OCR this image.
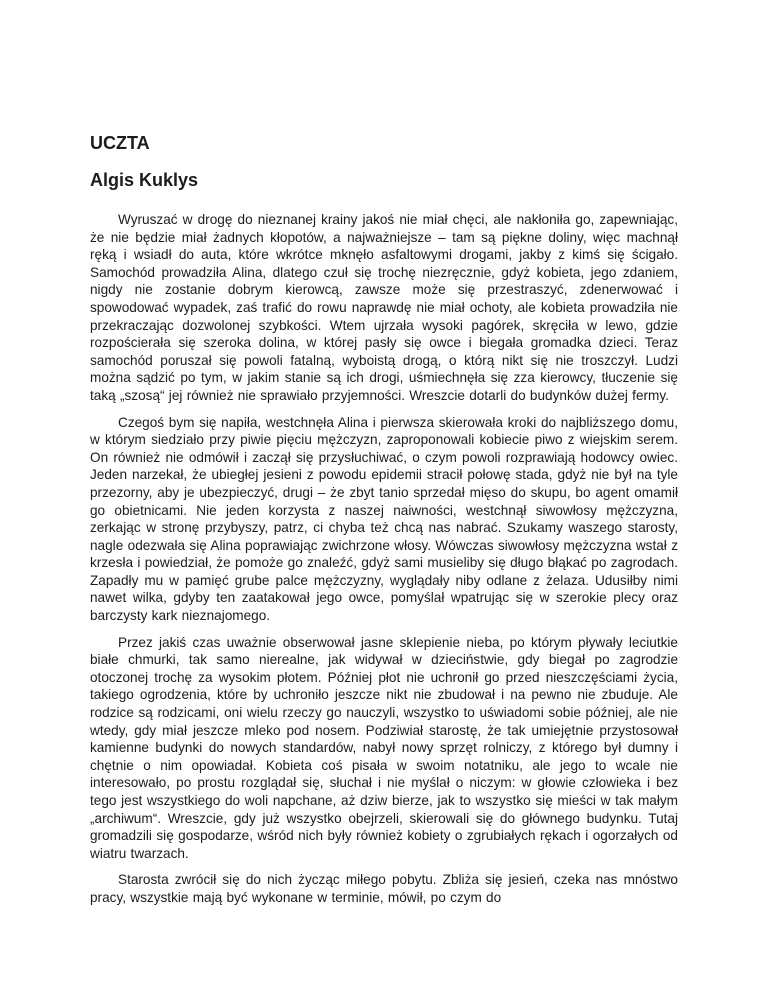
UCZTA
Algis Kuklys

Wyruszać w drogę do nieznanej krainy jakoś nie miał chęci, ale nakłoniła go, zapewniając, że nie będzie miał żadnych kłopotów, a najważniejsze – tam są piękne doliny, więc machnął ręką i wsiadł do auta, które wkrótce mknęło asfaltowymi drogami, jakby z kimś się ścigało. Samochód prowadziła Alina, dlatego czuł się trochę niezręcznie, gdyż kobieta, jego zdaniem, nigdy nie zostanie dobrym kierowcą, zawsze może się przestraszyć, zdenerwować i spowodować wypadek, zaś trafić do rowu naprawdę nie miał ochoty, ale kobieta prowadziła nie przekraczając dozwolonej szybkości. Wtem ujrzała wysoki pagórek, skręciła w lewo, gdzie rozpościerała się szeroka dolina, w której pasły się owce i biegała gromadka dzieci. Teraz samochód poruszał się powoli fatalną, wyboistą drogą, o którą nikt się nie troszczył. Ludzi można sądzić po tym, w jakim stanie są ich drogi, uśmiechnęła się zza kierowcy, tłuczenie się taką „szosą“ jej również nie sprawiało przyjemności. Wreszcie dotarli do budynków dużej fermy.

Czegoś bym się napiła, westchnęła Alina i pierwsza skierowała kroki do najbliższego domu, w którym siedziało przy piwie pięciu mężczyzn, zaproponowali kobiecie piwo z wiejskim serem. On również nie odmówił i zaczął się przysłuchiwać, o czym powoli rozprawiają hodowcy owiec. Jeden narzekał, że ubiegłej jesieni z powodu epidemii stracił połowę stada, gdyż nie był na tyle przezorny, aby je ubezpieczyć, drugi – że zbyt tanio sprzedał mięso do skupu, bo agent omamił go obietnicami. Nie jeden korzysta z naszej naiwności, westchnął siwowłosy mężczyzna, zerkając w stronę przybyszy, patrz, ci chyba też chcą nas nabrać. Szukamy waszego starosty, nagle odezwała się Alina poprawiając zwichrzone włosy. Wówczas siwowłosy mężczyzna wstał z krzesła i powiedział, że pomoże go znaleźć, gdyż sami musieliby się długo błąkać po zagrodach. Zapadły mu w pamięć grube palce mężczyzny, wyglądały niby odlane z żelaza. Udusiłby nimi nawet wilka, gdyby ten zaatakował jego owce, pomyślał wpatrując się w szerokie plecy oraz barczysty kark nieznajomego.

Przez jakiś czas uważnie obserwował jasne sklepienie nieba, po którym pływały leciutkie białe chmurki, tak samo nierealne, jak widywał w dzieciństwie, gdy biegał po zagrodzie otoczonej trochę za wysokim płotem. Później płot nie uchronił go przed nieszczęściami życia, takiego ogrodzenia, które by uchroniło jeszcze nikt nie zbudował i na pewno nie zbuduje. Ale rodzice są rodzicami, oni wielu rzeczy go nauczyli, wszystko to uświadomi sobie później, ale nie wtedy, gdy miał jeszcze mleko pod nosem. Podziwiał starostę, że tak umiejętnie przystosował kamienne budynki do nowych standardów, nabył nowy sprzęt rolniczy, z którego był dumny i chętnie o nim opowiadał. Kobieta coś pisała w swoim notatniku, ale jego to wcale nie interesowało, po prostu rozglądał się, słuchał i nie myślał o niczym: w głowie człowieka i bez tego jest wszystkiego do woli napchane, aż dziw bierze, jak to wszystko się mieści w tak małym „archiwum“. Wreszcie, gdy już wszystko obejrzeli, skierowali się do głównego budynku. Tutaj gromadzili się gospodarze, wśród nich były również kobiety o zgrubiałych rękach i ogorzałych od wiatru twarzach.

Starosta zwrócił się do nich życząc miłego pobytu. Zbliża się jesień, czeka nas mnóstwo pracy, wszystkie mają być wykonane w terminie, mówił, po czym do
